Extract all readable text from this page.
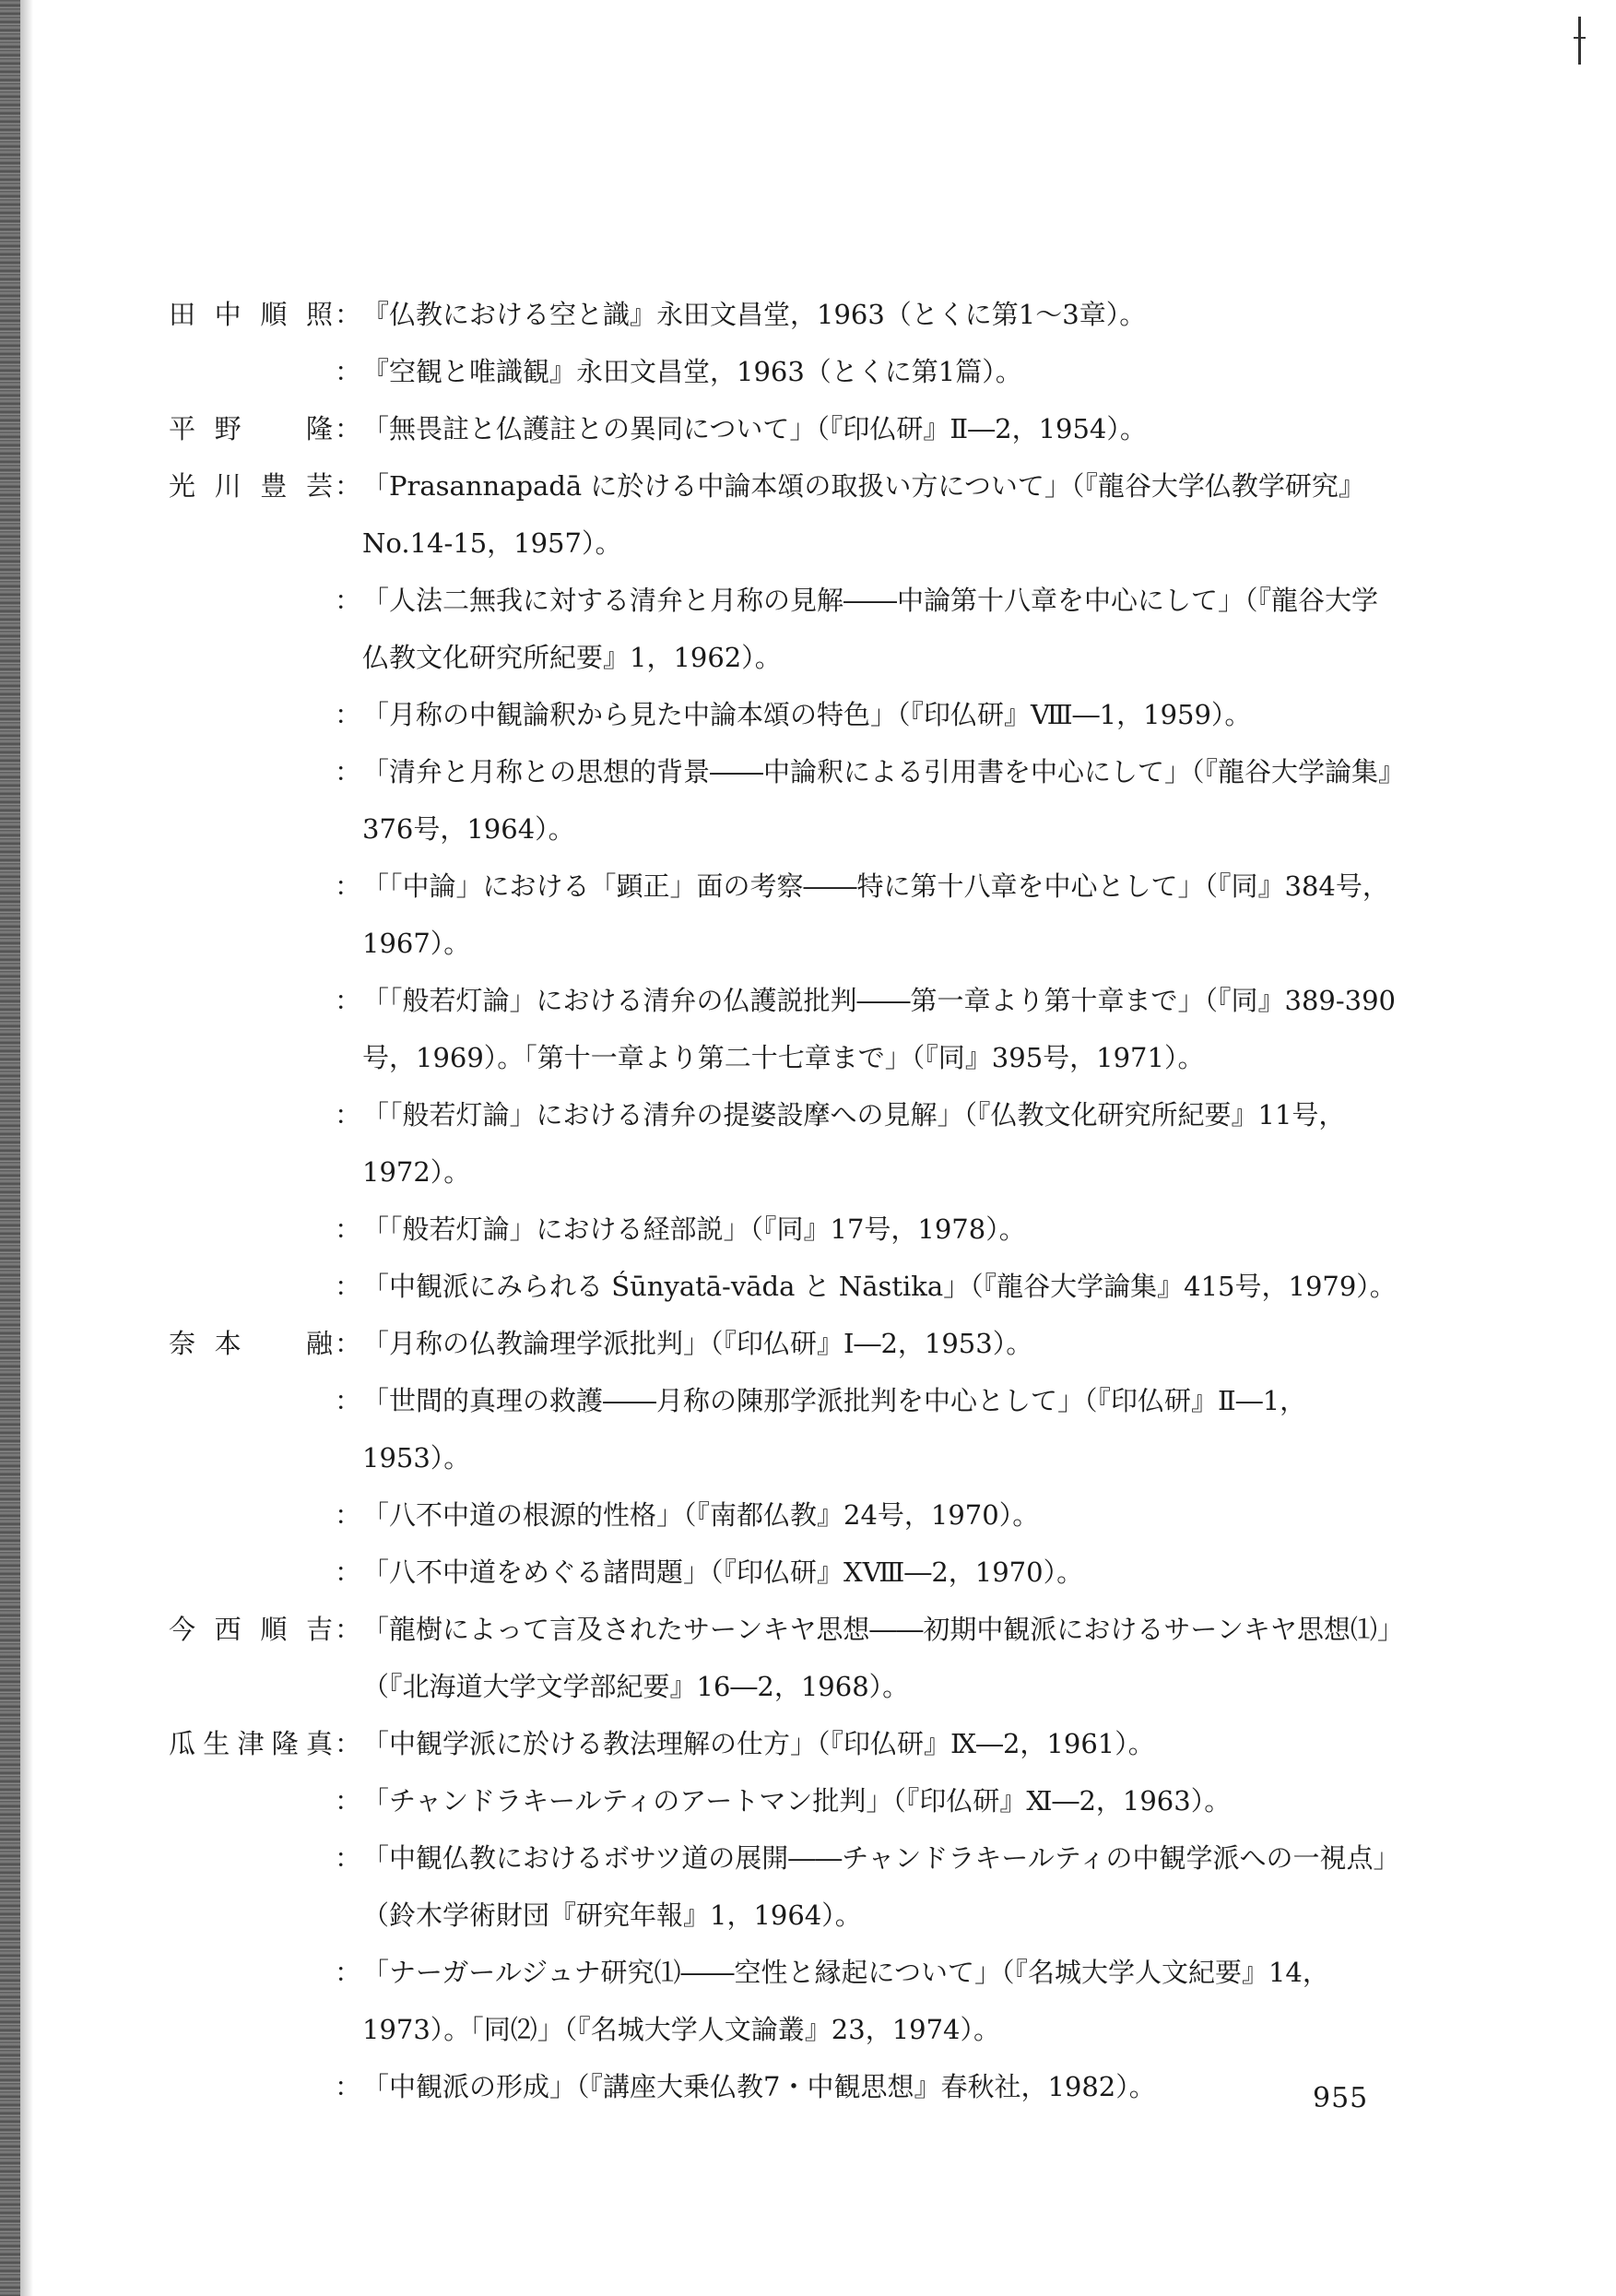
田中順照 ：『仏教における空と識』永田文昌堂，1963（とくに第1～3章）。
：『空観と唯識観』永田文昌堂，1963（とくに第1篇）。
平野　隆 ：「無畏註と仏護註との異同について」（『印仏研』Ⅱ―2，1954）。
光川豊芸 ：「Prasannapadā に於ける中論本頌の取扱い方について」（『龍谷大学仏教学研究』No.14-15，1957）。
：「人法二無我に対する清弁と月称の見解――中論第十八章を中心にして」（『龍谷大学仏教文化研究所紀要』1，1962）。
：「月称の中観論釈から見た中論本頌の特色」（『印仏研』Ⅷ―1，1959）。
：「清弁と月称との思想的背景――中論釈による引用書を中心にして」（『龍谷大学論集』376号，1964）。
：「「中論」における「顕正」面の考察――特に第十八章を中心として」（『同』384号，1967）。
：「「般若灯論」における清弁の仏護説批判――第一章より第十章まで」（『同』389-390号，1969）。「第十一章より第二十七章まで」（『同』395号，1971）。
：「「般若灯論」における清弁の提婆設摩への見解」（『仏教文化研究所紀要』11号，1972）。
：「「般若灯論」における経部説」（『同』17号，1978）。
：「中観派にみられる Śūnyatā-vāda と Nāstika」（『龍谷大学論集』415号，1979）。
奈本　融 ：「月称の仏教論理学派批判」（『印仏研』Ⅰ―2，1953）。
：「世間的真理の救護――月称の陳那学派批判を中心として」（『印仏研』Ⅱ―1，1953）。
：「八不中道の根源的性格」（『南都仏教』24号，1970）。
：「八不中道をめぐる諸問題」（『印仏研』XⅧ―2，1970）。
今西順吉 ：「龍樹によって言及されたサーンキヤ思想――初期中観派におけるサーンキヤ思想⑴」（『北海道大学文学部紀要』16―2，1968）。
瓜生津隆真 ：「中観学派に於ける教法理解の仕方」（『印仏研』Ⅸ―2，1961）。
：「チャンドラキールティのアートマン批判」（『印仏研』Ⅺ―2，1963）。
：「中観仏教におけるボサツ道の展開――チャンドラキールティの中観学派への一視点」（鈴木学術財団『研究年報』1，1964）。
：「ナーガールジュナ研究⑴――空性と縁起について」（『名城大学人文紀要』14，1973）。「同⑵」（『名城大学人文論叢』23，1974）。
：「中観派の形成」（『講座大乗仏教7・中観思想』春秋社，1982）。	955
